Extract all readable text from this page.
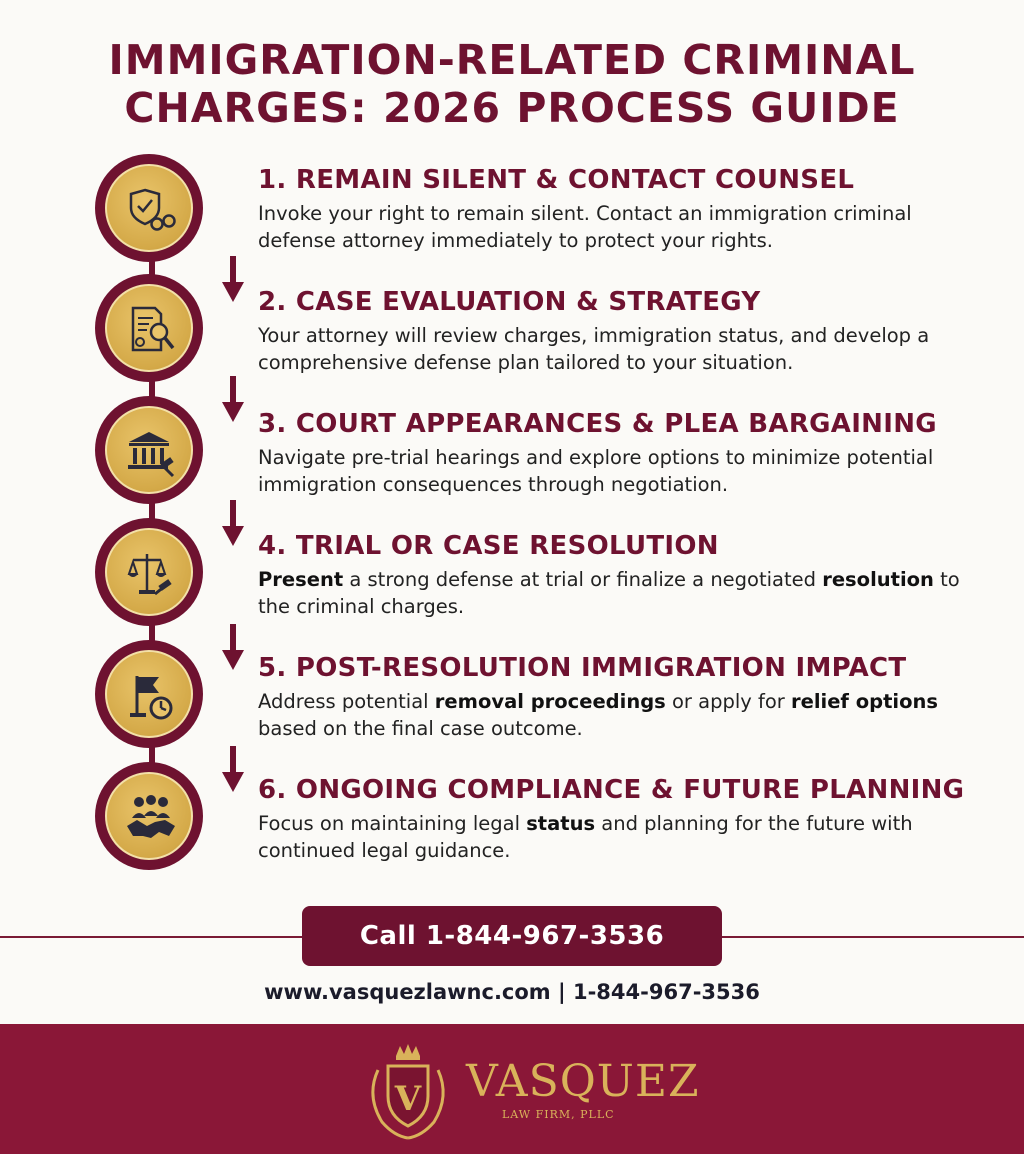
IMMIGRATION-RELATED CRIMINAL
CHARGES: 2026 PROCESS GUIDE
1. REMAIN SILENT & CONTACT COUNSEL

Invoke your right to remain silent. Contact an immigration criminal defense attorney immediately to protect your rights.

2. CASE EVALUATION & STRATEGY

Your attorney will review charges, immigration status, and develop a comprehensive defense plan tailored to your situation.

3. COURT APPEARANCES & PLEA BARGAINING

Navigate pre-trial hearings and explore options to minimize potential immigration consequences through negotiation.

4. TRIAL OR CASE RESOLUTION

Present a strong defense at trial or finalize a negotiated resolution to the criminal charges.

5. POST-RESOLUTION IMMIGRATION IMPACT

Address potential removal proceedings or apply for relief options based on the final case outcome.

6. ONGOING COMPLIANCE & FUTURE PLANNING

Focus on maintaining legal status and planning for the future with continued legal guidance.

Call 1-844-967-3536
www.vasquezlawnc.com | 1-844-967-3536
V VASQUEZ
LAW FIRM, PLLC
